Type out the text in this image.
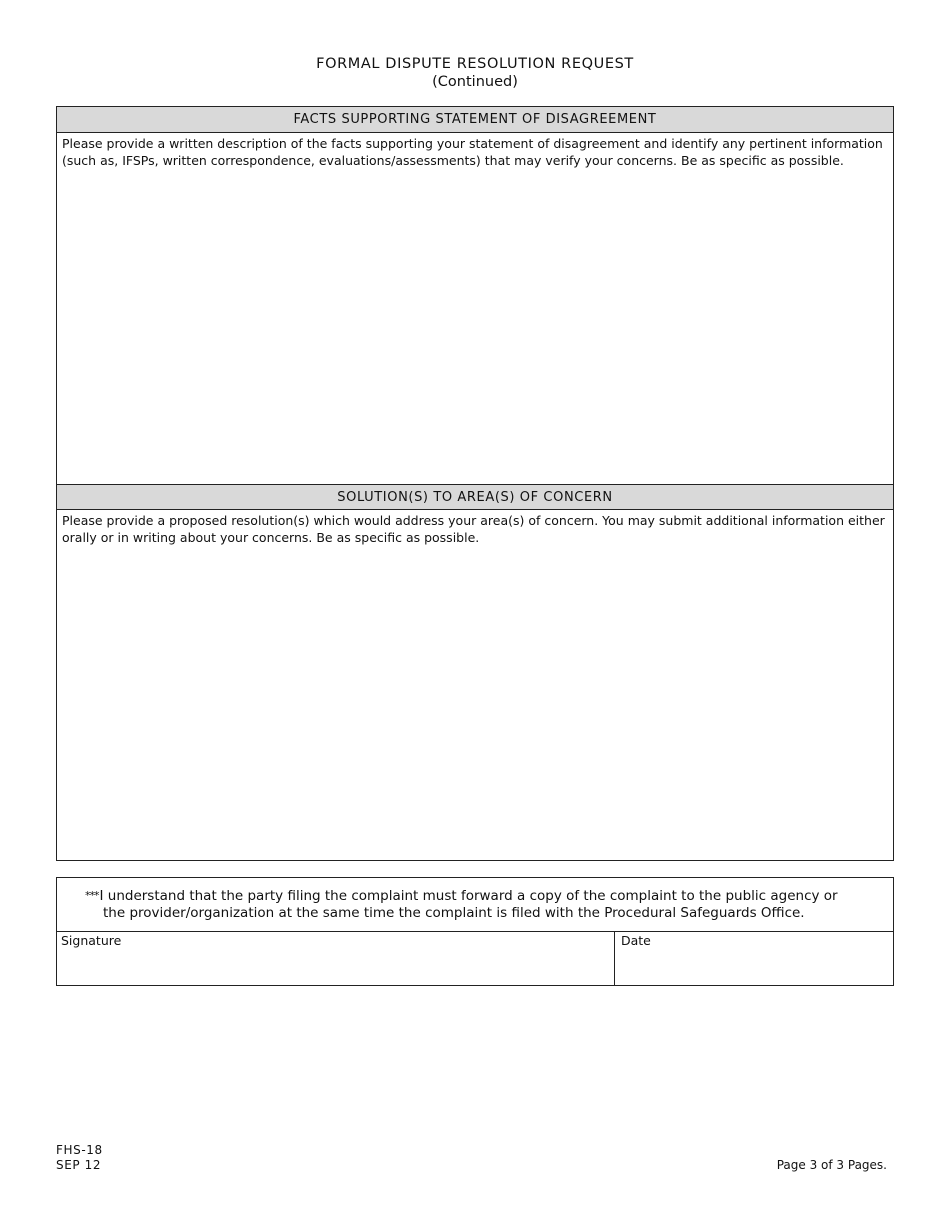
FORMAL DISPUTE RESOLUTION REQUEST
(Continued)
FACTS SUPPORTING STATEMENT OF DISAGREEMENT
Please provide a written description of the facts supporting your statement of disagreement and identify any pertinent information (such as, IFSPs, written correspondence, evaluations/assessments) that may verify your concerns. Be as specific as possible.
SOLUTION(S) TO AREA(S) OF CONCERN
Please provide a proposed resolution(s) which would address your area(s) of concern. You may submit additional information either orally or in writing about your concerns. Be as specific as possible.
***I understand that the party filing the complaint must forward a copy of the complaint to the public agency or
the provider/organization at the same time the complaint is filed with the Procedural Safeguards Office.
Signature	Date
FHS-18
SEP 12	Page 3 of 3 Pages.
